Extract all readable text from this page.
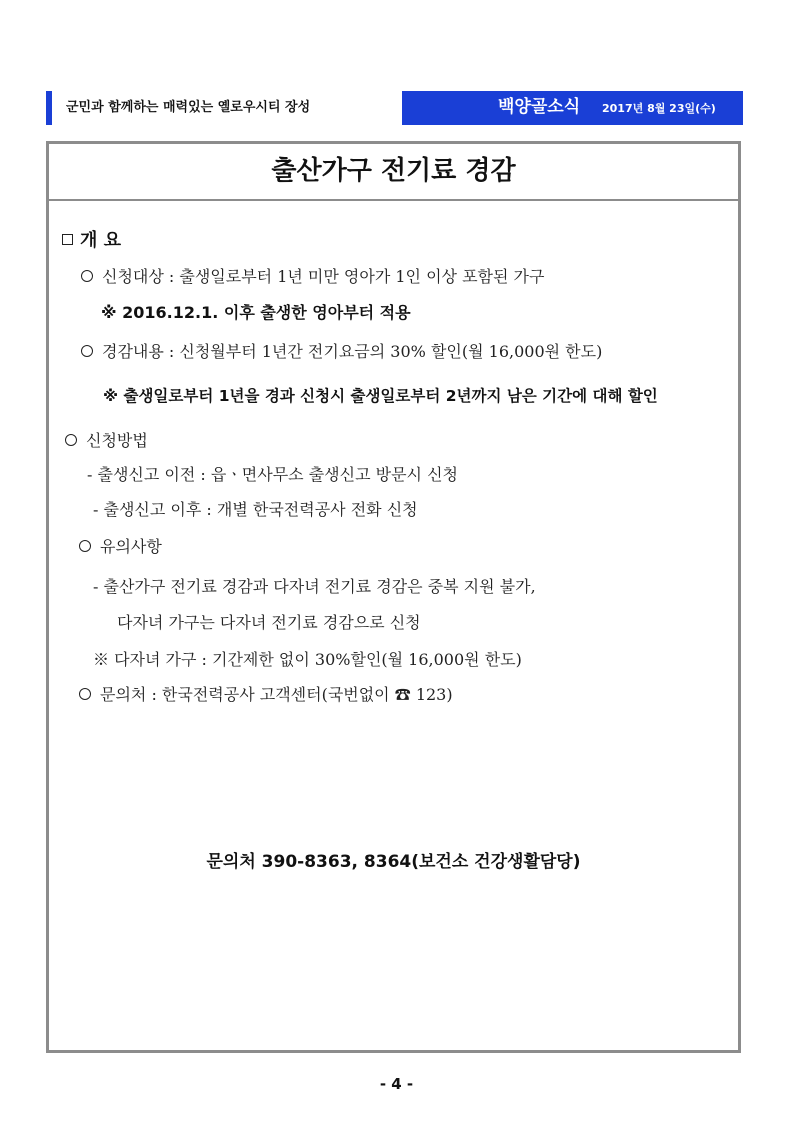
군민과 함께하는 매력있는 옐로우시티 장성	백양골소식 2017년 8월 23일(수)
출산가구 전기료 경감
개 요
신청대상 : 출생일로부터 1년 미만 영아가 1인 이상 포함된 가구
※ 2016.12.1. 이후 출생한 영아부터 적용
경감내용 : 신청월부터 1년간 전기요금의 30% 할인(월 16,000원 한도)
※ 출생일로부터 1년을 경과 신청시 출생일로부터 2년까지 남은 기간에 대해 할인
신청방법
- 출생신고 이전 : 읍ㆍ면사무소 출생신고 방문시 신청
- 출생신고 이후 : 개별 한국전력공사 전화 신청
유의사항
- 출산가구 전기료 경감과 다자녀 전기료 경감은 중복 지원 불가,
다자녀 가구는 다자녀 전기료 경감으로 신청
※ 다자녀 가구 : 기간제한 없이 30%할인(월 16,000원 한도)
문의처 : 한국전력공사 고객센터(국번없이 ☎ 123)
문의처 390-8363, 8364(보건소 건강생활담당)
- 4 -
